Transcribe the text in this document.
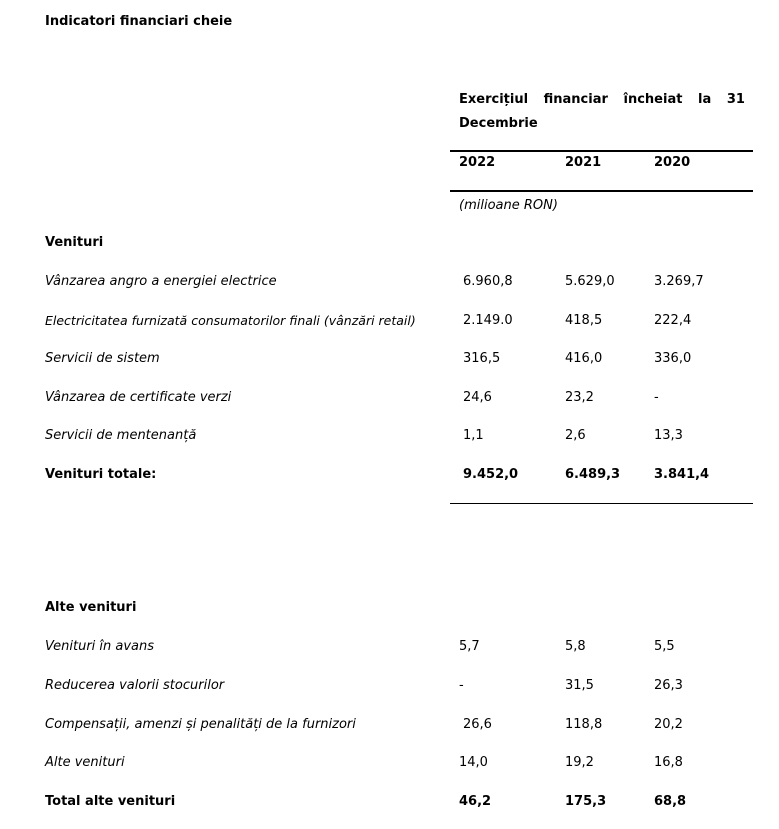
Indicatori financiari cheie
Exercițiul financiar încheiat la 31
Decembrie
2022	2021	2020
(milioane RON)
Venituri
Vânzarea angro a energiei electrice	6.960,8	5.629,0	3.269,7
Electricitatea furnizată consumatorilor finali (vânzări retail)	2.149.0	418,5	222,4
Servicii de sistem	316,5	416,0	336,0
Vânzarea de certificate verzi	24,6	23,2	-
Servicii de mentenanță	1,1	2,6	13,3
Venituri totale:	9.452,0	6.489,3	3.841,4
Alte venituri
Venituri în avans	5,7	5,8	5,5
Reducerea valorii stocurilor	-	31,5	26,3
Compensații, amenzi și penalități de la furnizori	26,6	118,8	20,2
Alte venituri	14,0	19,2	16,8
Total alte venituri	46,2	175,3	68,8
